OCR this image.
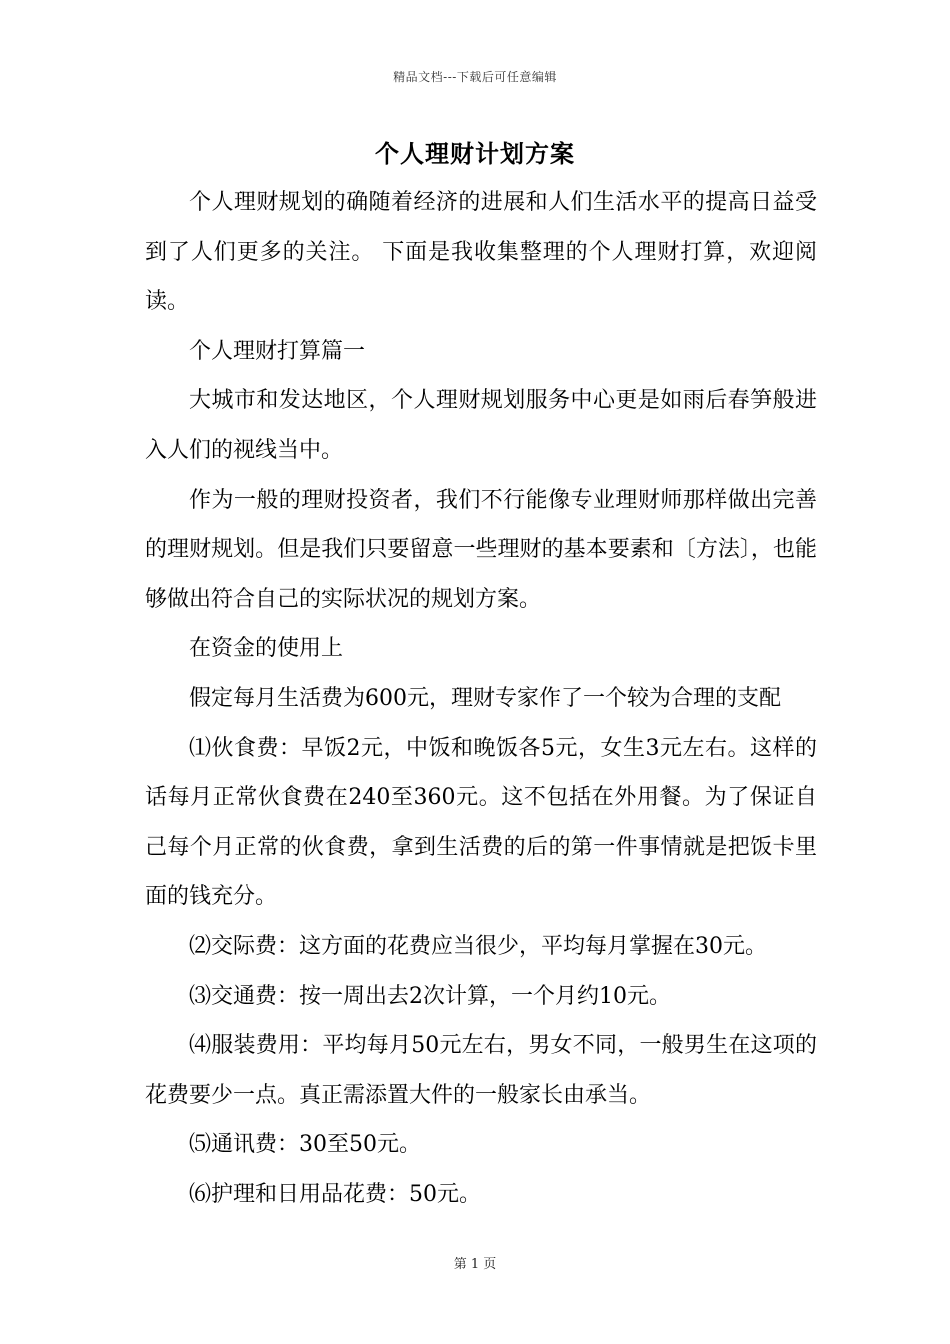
精品文档---下载后可任意编辑
个人理财计划方案

个人理财规划的确随着经济的进展和人们生活水平的提高日益受到了人们更多的关注。 下面是我收集整理的个人理财打算，欢迎阅读。

个人理财打算篇一

大城市和发达地区，个人理财规划服务中心更是如雨后春笋般进入人们的视线当中。

作为一般的理财投资者，我们不行能像专业理财师那样做出完善的理财规划。但是我们只要留意一些理财的基本要素和〔方法〕，也能够做出符合自己的实际状况的规划方案。

在资金的使用上

假定每月生活费为600元，理财专家作了一个较为合理的支配

⑴伙食费：早饭2元，中饭和晚饭各5元，女生3元左右。这样的话每月正常伙食费在240至360元。这不包括在外用餐。为了保证自己每个月正常的伙食费，拿到生活费的后的第一件事情就是把饭卡里面的钱充分。

⑵交际费：这方面的花费应当很少，平均每月掌握在30元。

⑶交通费：按一周出去2次计算，一个月约10元。

⑷服装费用：平均每月50元左右，男女不同，一般男生在这项的花费要少一点。真正需添置大件的一般家长由承当。

⑸通讯费：30至50元。

⑹护理和日用品花费：50元。

第 1 页
